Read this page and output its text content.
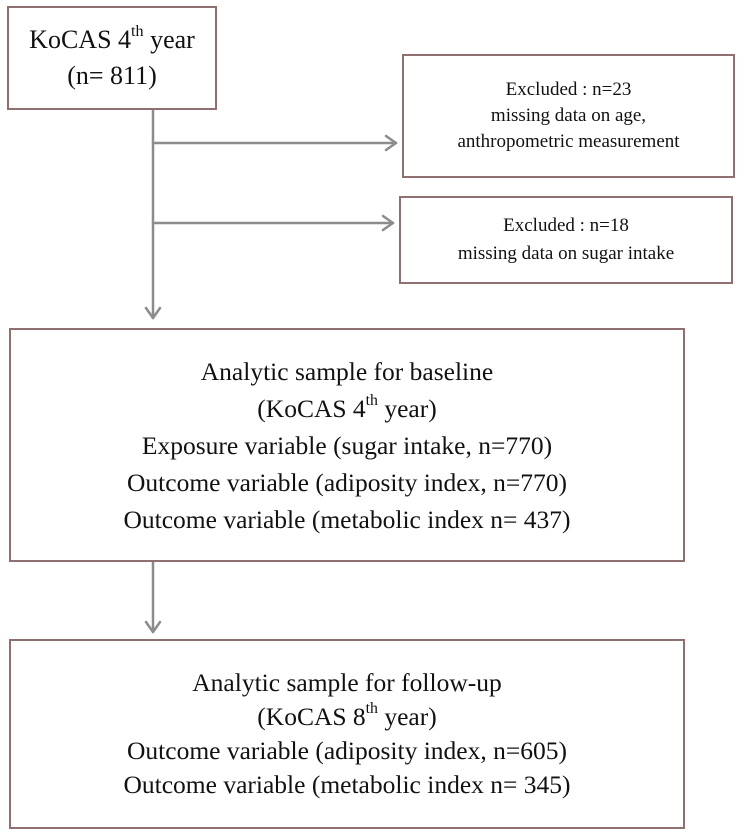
KoCAS 4th year
(n= 811)	Excluded : n=23
missing data on age,
anthropometric measurement
Excluded : n=18
missing data on sugar intake
Analytic sample for baseline
(KoCAS 4th year)
Exposure variable (sugar intake, n=770)
Outcome variable (adiposity index, n=770)
Outcome variable (metabolic index n= 437)
Analytic sample for follow-up
(KoCAS 8th year)
Outcome variable (adiposity index, n=605)
Outcome variable (metabolic index n= 345)
